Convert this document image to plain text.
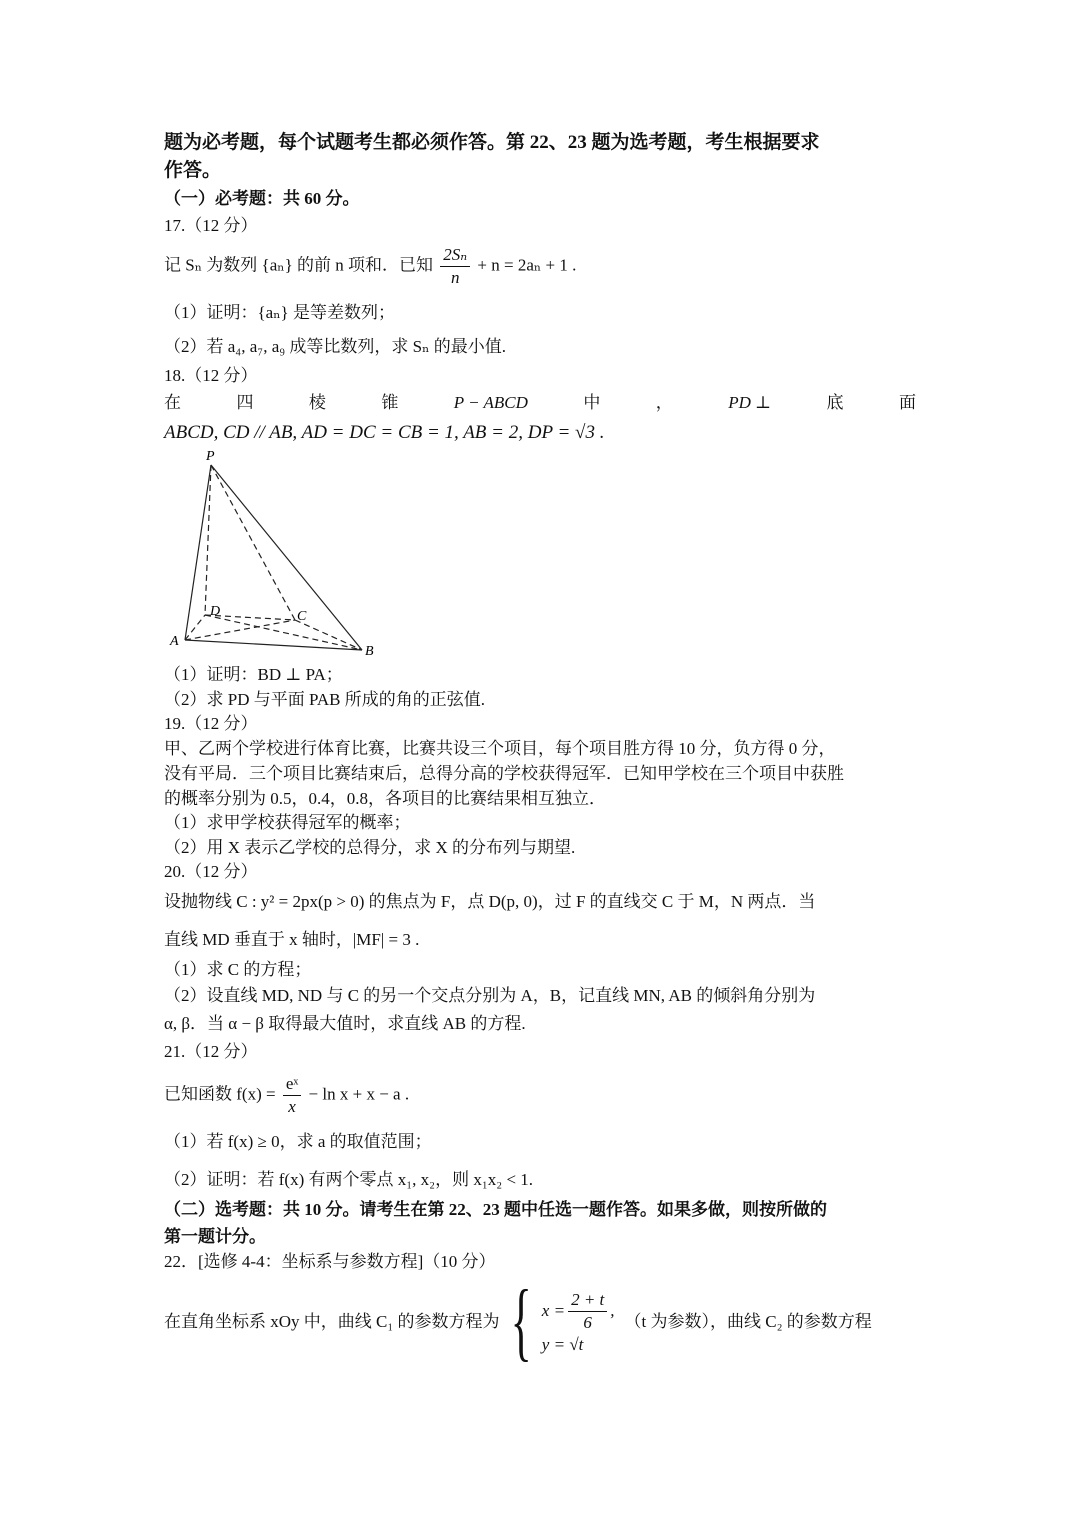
题为必考题，每个试题考生都必须作答。第 22、23 题为选考题，考生根据要求
作答。
（一）必考题：共 60 分。
17.（12 分）
记 Sₙ 为数列 {aₙ} 的前 n 项和．已知 $\frac{\text{2Sₙ}}{n} + n = 2a_n + 1$ .
（1）证明：{aₙ} 是等差数列；
（2）若 a₄, a₇, a₉ 成等比数列，求 Sₙ 的最小值.
18.（12 分）
在	四	棱	锥	P − ABCD	中	，	PD ⊥	底	面
ABCD, CD // AB, AD = DC = CB = 1, AB = 2, DP = √3 .
P
A
B
C
D
（1）证明：BD ⊥ PA；
（2）求 PD 与平面 PAB 所成的角的正弦值.
19.（12 分）
甲、乙两个学校进行体育比赛，比赛共设三个项目，每个项目胜方得 10 分，负方得 0 分，
没有平局．三个项目比赛结束后，总得分高的学校获得冠军．已知甲学校在三个项目中获胜
的概率分别为 0.5，0.4，0.8，各项目的比赛结果相互独立．
（1）求甲学校获得冠军的概率；
（2）用 X 表示乙学校的总得分，求 X 的分布列与期望.
20.（12 分）
设抛物线 C : y² = 2px(p > 0) 的焦点为 F，点 D(p, 0)，过 F 的直线交 C 于 M，N 两点．当
直线 MD 垂直于 x 轴时，|MF| = 3 .
（1）求 C 的方程；
（2）设直线 MD, ND 与 C 的另一个交点分别为 A，B，记直线 MN, AB 的倾斜角分别为
α, β．当 α − β 取得最大值时，求直线 AB 的方程.
21.（12 分）
已知函数 $f(x) = \frac{\text{eˣ}}{x} - \ln x + x - a$ .
（1）若 f(x) ≥ 0，求 a 的取值范围；
（2）证明：若 f(x) 有两个零点 x₁, x₂，则 x₁x₂ < 1.
（二）选考题：共 10 分。请考生在第 22、23 题中任选一题作答。如果多做，则按所做的
第一题计分。
22．[选修 4-4：坐标系与参数方程]（10 分）
在直角坐标系 xOy 中，曲线 C₁ 的参数方程为 { $x = \frac{2 + t}{6}$ ,
y = √t
（t 为参数），曲线 C₂ 的参数方程
